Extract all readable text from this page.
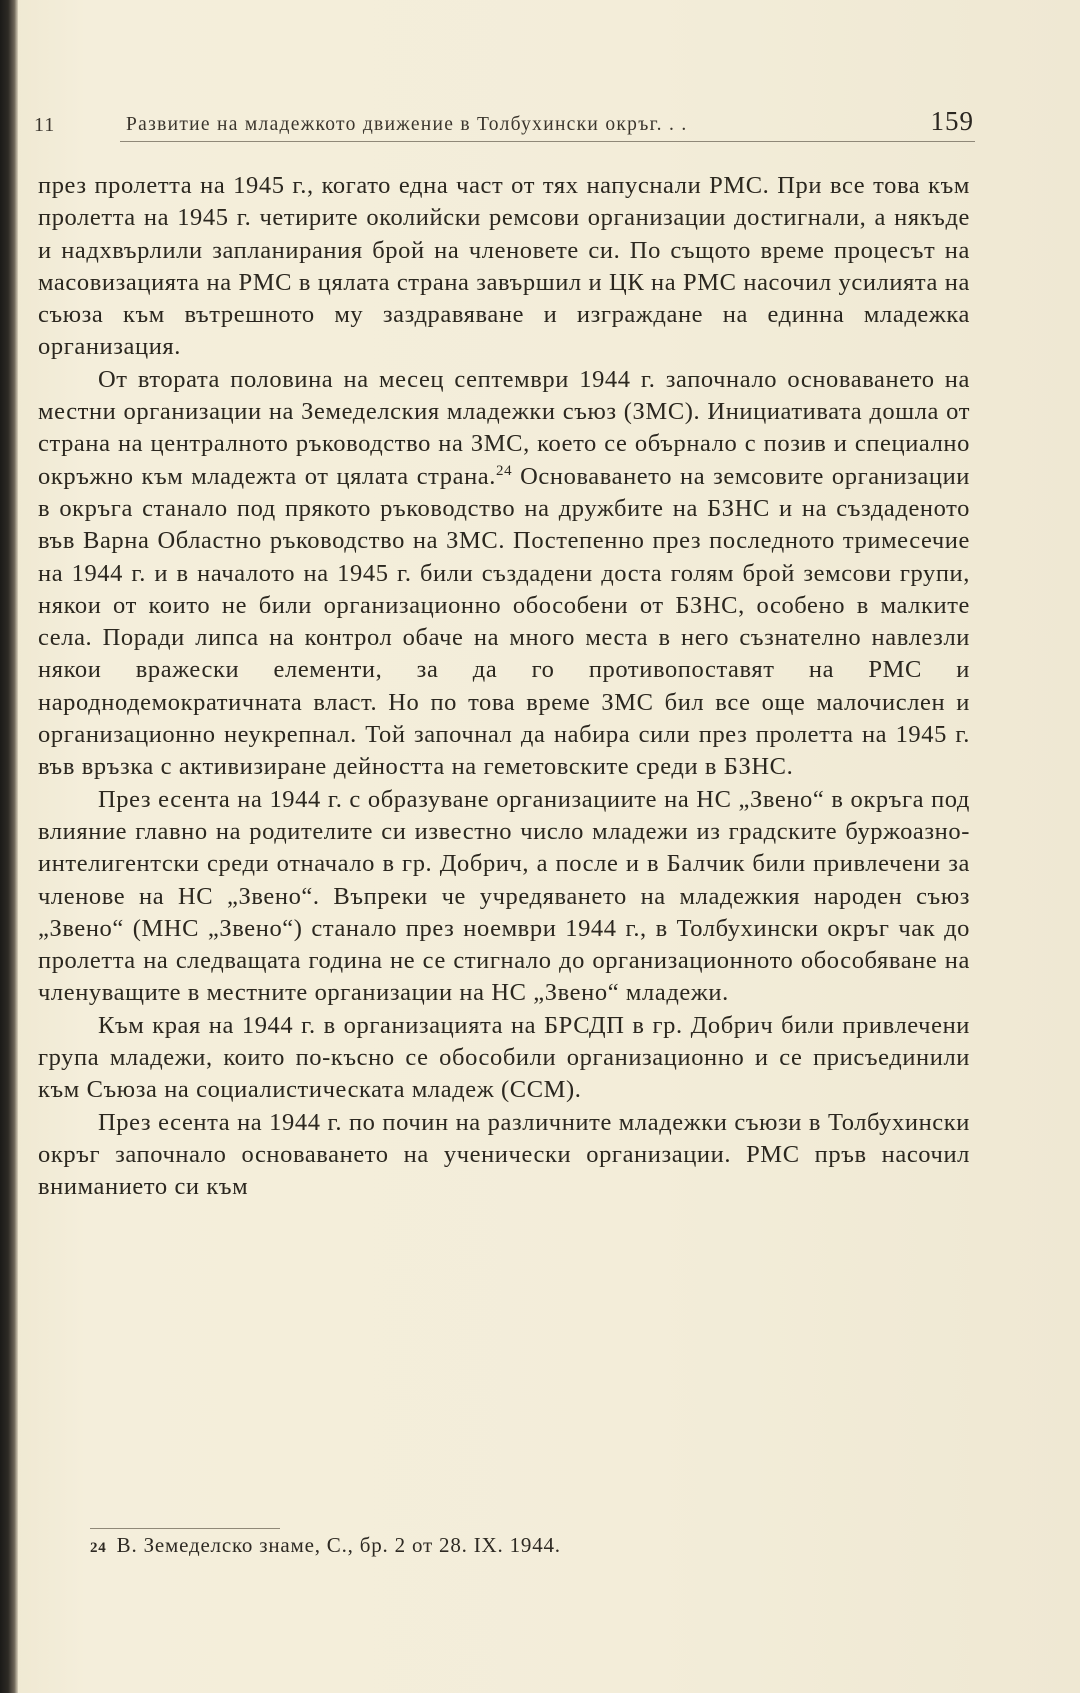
11	Развитие на младежкото движение в Толбухински окръг. . .	159

през пролетта на 1945 г., когато една част от тях напуснали РМС. При все това към пролетта на 1945 г. четирите околийски ремсови организации достигнали, а някъде и надхвърлили запланирания брой на членовете си. По същото време процесът на масовизацията на РМС в цялата страна завършил и ЦК на РМС насочил усилията на съюза към вътрешното му заздравяване и изграждане на единна младежка организация.

От втората половина на месец септември 1944 г. започнало основаването на местни организации на Земеделския младежки съюз (ЗМС). Инициативата дошла от страна на централното ръководство на ЗМС, което се обърнало с позив и специално окръжно към младежта от цялата страна.$^{24}$ Основаването на земсовите организации в окръга станало под прякото ръководство на дружбите на БЗНС и на създаденото във Варна Областно ръководство на ЗМС. Постепенно през последното тримесечие на 1944 г. и в началото на 1945 г. били създадени доста голям брой земсови групи, някои от които не били организационно обособени от БЗНС, особено в малките села. Поради липса на контрол обаче на много места в него съзнателно навлезли някои вражески елементи, за да го противопоставят на РМС и народнодемократичната власт. Но по това време ЗМС бил все още малочислен и организационно неукрепнал. Той започнал да набира сили през пролетта на 1945 г. във връзка с активизиране дейността на геметовските среди в БЗНС.

През есента на 1944 г. с образуване организациите на НС „Звено“ в окръга под влияние главно на родителите си известно число младежи из градските буржоазно-интелигентски среди отначало в гр. Добрич, а после и в Балчик били привлечени за членове на НС „Звено“. Въпреки че учредяването на младежкия народен съюз „Звено“ (МНС „Звено“) станало през ноември 1944 г., в Толбухински окръг чак до пролетта на следващата година не се стигнало до организационното обособяване на членуващите в местните организации на НС „Звено“ младежи.

Към края на 1944 г. в организацията на БРСДП в гр. Добрич били привлечени група младежи, които по-късно се обособили организационно и се присъединили към Съюза на социалистическата младеж (ССМ).

През есента на 1944 г. по почин на различните младежки съюзи в Толбухински окръг започнало основаването на ученически организации. РМС пръв насочил вниманието си към

24 В. Земеделско знаме, С., бр. 2 от 28. IX. 1944.
